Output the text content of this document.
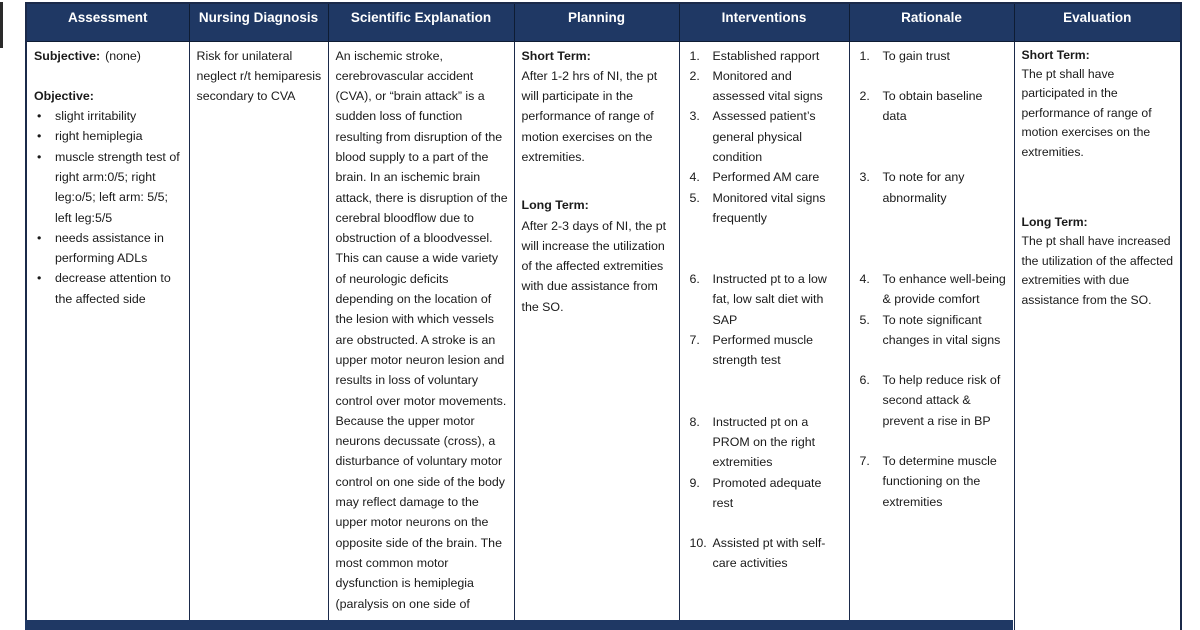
Assessment	Nursing Diagnosis	Scientific Explanation	Planning	Interventions	Rationale	Evaluation

Subjective: (none)
Objective:
•
slight irritability
•
right hemiplegia
•
muscle strength test of right arm:0/5; right leg:o/5; left arm: 5/5; left leg:5/5
•
needs assistance in performing ADLs
•
decrease attention to the affected side

Risk for unilateral neglect r/t hemiparesis secondary to CVA

An ischemic stroke, cerebrovascular accident (CVA), or “brain attack” is a sudden loss of function resulting from disruption of the blood supply to a part of the brain. In an ischemic brain attack, there is disruption of the cerebral bloodflow due to obstruction of a bloodvessel. This can cause a wide variety of neurologic deficits depending on the location of the lesion with which vessels are obstructed. A stroke is an upper motor neuron lesion and results in loss of voluntary control over motor movements. Because the upper motor neurons decussate (cross), a disturbance of voluntary motor control on one side of the body may reflect damage to the upper motor neurons on the opposite side of the brain. The most common motor dysfunction is hemiplegia (paralysis on one side of

Short Term:
After 1-2 hrs of NI, the pt will participate in the performance of range of motion exercises on the extremities.
Long Term:
After 2-3 days of NI, the pt will increase the utilization of the affected extremities with due assistance from the SO.

1.	Established rapport
2.	Monitored and assessed vital signs
3.	Assessed patient’s general physical condition
4.	Performed AM care
5.	Monitored vital signs frequently
6.	Instructed pt to a low fat, low salt diet with SAP
7.	Performed muscle strength test
8.	Instructed pt on a PROM on the right extremities
9.	Promoted adequate rest
10. Assisted pt with self-care activities

1.	To gain trust
2.	To obtain baseline data
3.	To note for any abnormality
4.	To enhance well-being & provide comfort
5.	To note significant changes in vital signs
6.	To help reduce risk of second attack & prevent a rise in BP
7.	To determine muscle functioning on the extremities

Short Term:
The pt shall have participated in the performance of range of motion exercises on the extremities.
Long Term:
The pt shall have increased the utilization of the affected extremities with due assistance from the SO.
